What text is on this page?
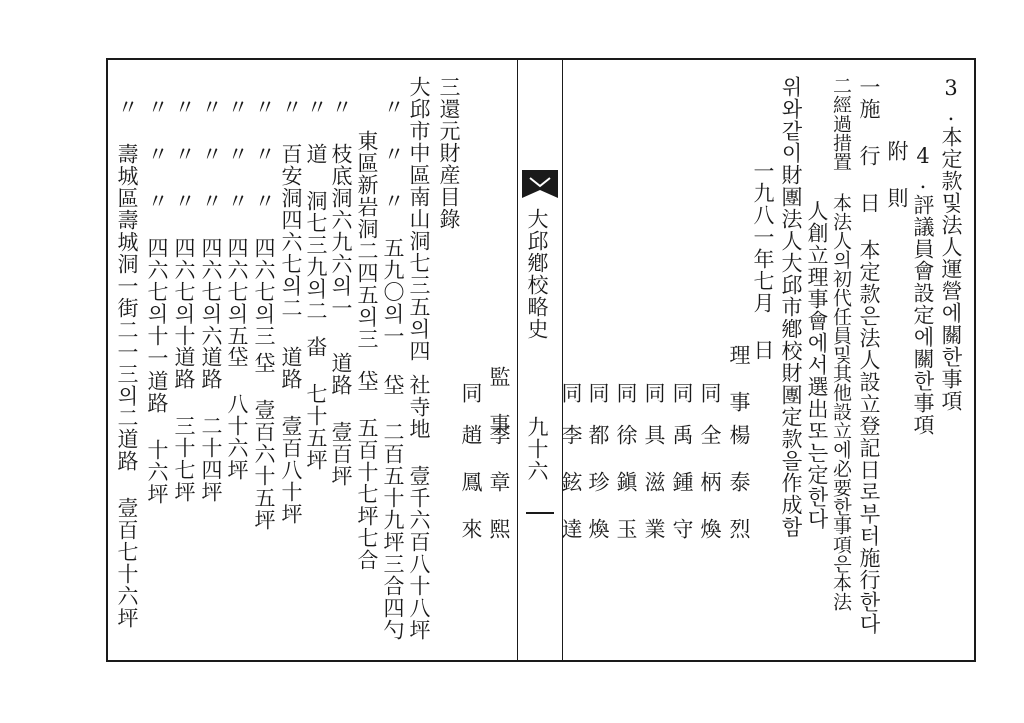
大邱鄕校略史
九十六
3.本定款및法人運營에關한事項
4.評議員會設定에關한事項
附 則
一施 行 日 本定款은法人設立登記日로부터施行한다
二經過措置 本法人의初代任員및其他設立에必要한事項은本法
人創立理事會에서選出또는定한다
위와같이財團法人大邱市鄕校財團定款을作成함
一九八一年七月 日
理 事
楊 泰 烈
同
全 柄 煥
同
禹 鍾 守
同
具 滋 業
同
徐 鎭 玉
同
都 珍 煥
同
李 鉉 達
監 事
李 章 熙
同
趙 鳳 來
三還元財産目錄
大邱市中區南山洞七三五의四
社寺地 壹千六百八十八坪
〃 〃 〃 五九〇의一
垈 二百五十九坪三合四勺
東區新岩洞二四五의三
垈 五百十七坪七合
〃 枝底洞六九六의一
道路 壹百坪
〃 道 洞七三九의二
畓 七十五坪
〃 百安洞四六七의二
道路 壹百八十坪
〃 〃 〃 四六七의三
垈 壹百六十五坪
〃 〃 〃 四六七의五
垈 八十六坪
〃 〃 〃 四六七의六
道路 二十四坪
〃 〃 〃 四六七의十
道路 三十七坪
〃 〃 〃 四六七의十一
道路 十六坪
〃 壽城區壽城洞一街二一三의二
道路 壹百七十六坪
